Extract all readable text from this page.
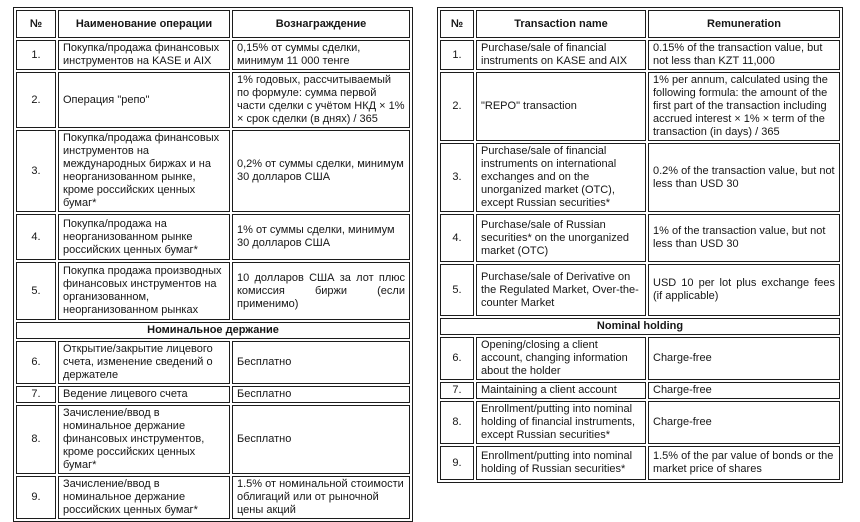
№	Наименование операции	Вознаграждение
1.	Покупка/продажа финансовых инструментов на KASE и AIX	0,15% от суммы сделки, минимум 11 000 тенге
2.	Операция "репо"	1% годовых, рассчитываемый по формуле: сумма первой части сделки с учётом НКД × 1% × срок сделки (в днях) / 365
3.	Покупка/продажа финансовых инструментов на международных биржах и на неорганизованном рынке, кроме российских ценных бумаг*	0,2% от суммы сделки, минимум 30 долларов США
4.	Покупка/продажа на неорганизованном рынке российских ценных бумаг*	1% от суммы сделки, минимум 30 долларов США
5.	Покупка продажа производных финансовых инструментов на организованном, неорганизованном рынках	10 долларов США за лот плюс комиссия биржи (если применимо)
Номинальное держание		
6.	Открытие/закрытие лицевого счета, изменение сведений о держателе	Бесплатно
7.	Ведение лицевого счета	Бесплатно
8.	Зачисление/ввод в номинальное держание финансовых инструментов, кроме российских ценных бумаг*	Бесплатно
9.	Зачисление/ввод в номинальное держание российских ценных бумаг*	1.5% от номинальной стоимости облигаций или от рыночной цены акций
№	Transaction name	Remuneration
1.	Purchase/sale of financial instruments on KASE and AIX	0.15% of the transaction value, but not less than KZT 11,000
2.	"REPO" transaction	1% per annum, calculated using the following formula: the amount of the first part of the transaction including accrued interest × 1% × term of the transaction (in days) / 365
3.	Purchase/sale of financial instruments on international exchanges and on the unorganized market (OTC), except Russian securities*	0.2% of the transaction value, but not less than USD 30
4.	Purchase/sale of Russian securities* on the unorganized market (OTC)	1% of the transaction value, but not less than USD 30
5.	Purchase/sale of Derivative on the Regulated Market, Over-the-counter Market	USD 10 per lot plus exchange fees (if applicable)
Nominal holding		
6.	Opening/closing a client account, changing information about the holder	Charge-free
7.	Maintaining a client account	Charge-free
8.	Enrollment/putting into nominal holding of financial instruments, except Russian securities*	Charge-free
9.	Enrollment/putting into nominal holding of Russian securities*	1.5% of the par value of bonds or the market price of shares
